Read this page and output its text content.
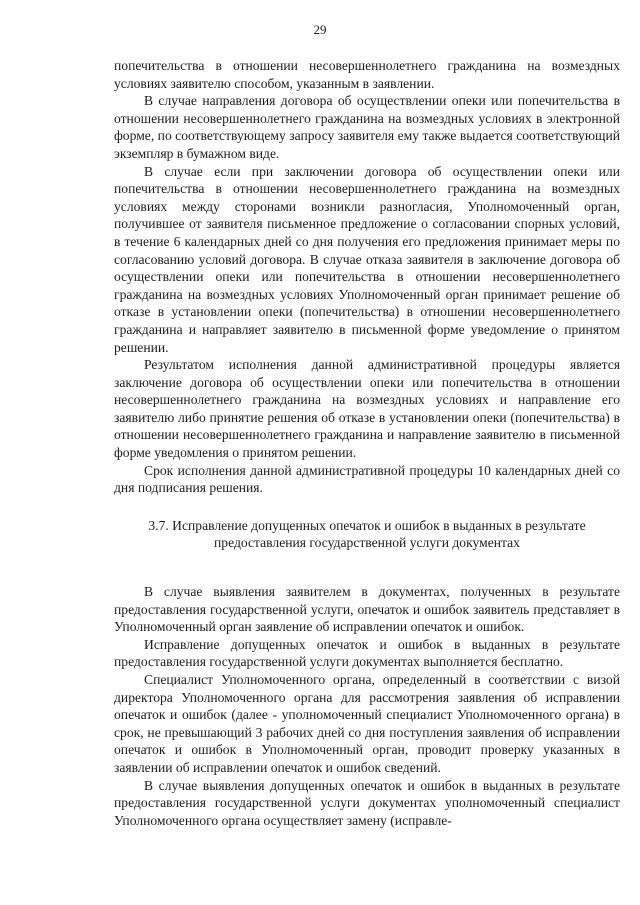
29

попечительства в отношении несовершеннолетнего гражданина на возмездных условиях заявителю способом, указанным в заявлении.

В случае направления договора об осуществлении опеки или попечительства в отношении несовершеннолетнего гражданина на возмездных условиях в электронной форме, по соответствующему запросу заявителя ему также выдается соответствующий экземпляр в бумажном виде.

В случае если при заключении договора об осуществлении опеки или попечительства в отношении несовершеннолетнего гражданина на возмездных условиях между сторонами возникли разногласия, Уполномоченный орган, получившее от заявителя письменное предложение о согласовании спорных условий, в течение 6 календарных дней со дня получения его предложения принимает меры по согласованию условий договора. В случае отказа заявителя в заключение договора об осуществлении опеки или попечительства в отношении несовершеннолетнего гражданина на возмездных условиях Уполномоченный орган принимает решение об отказе в установлении опеки (попечительства) в отношении несовершеннолетнего гражданина и направляет заявителю в письменной форме уведомление о принятом решении.

Результатом исполнения данной административной процедуры является заключение договора об осуществлении опеки или попечительства в отношении несовершеннолетнего гражданина на возмездных условиях и направление его заявителю либо принятие решения об отказе в установлении опеки (попечительства) в отношении несовершеннолетнего гражданина и направление заявителю в письменной форме уведомления о принятом решении.

Срок исполнения данной административной процедуры 10 календарных дней со дня подписания решения.

3.7. Исправление допущенных опечаток и ошибок в выданных в результате предоставления государственной услуги документах

В случае выявления заявителем в документах, полученных в результате предоставления государственной услуги, опечаток и ошибок заявитель представляет в Уполномоченный орган заявление об исправлении опечаток и ошибок.

Исправление допущенных опечаток и ошибок в выданных в результате предоставления государственной услуги документах выполняется бесплатно.

Специалист Уполномоченного органа, определенный в соответствии с визой директора Уполномоченного органа для рассмотрения заявления об исправлении опечаток и ошибок (далее - уполномоченный специалист Уполномоченного органа) в срок, не превышающий 3 рабочих дней со дня поступления заявления об исправлении опечаток и ошибок в Уполномоченный орган, проводит проверку указанных в заявлении об исправлении опечаток и ошибок сведений.

В случае выявления допущенных опечаток и ошибок в выданных в результате предоставления государственной услуги документах уполномоченный специалист Уполномоченного органа осуществляет замену (исправле-
